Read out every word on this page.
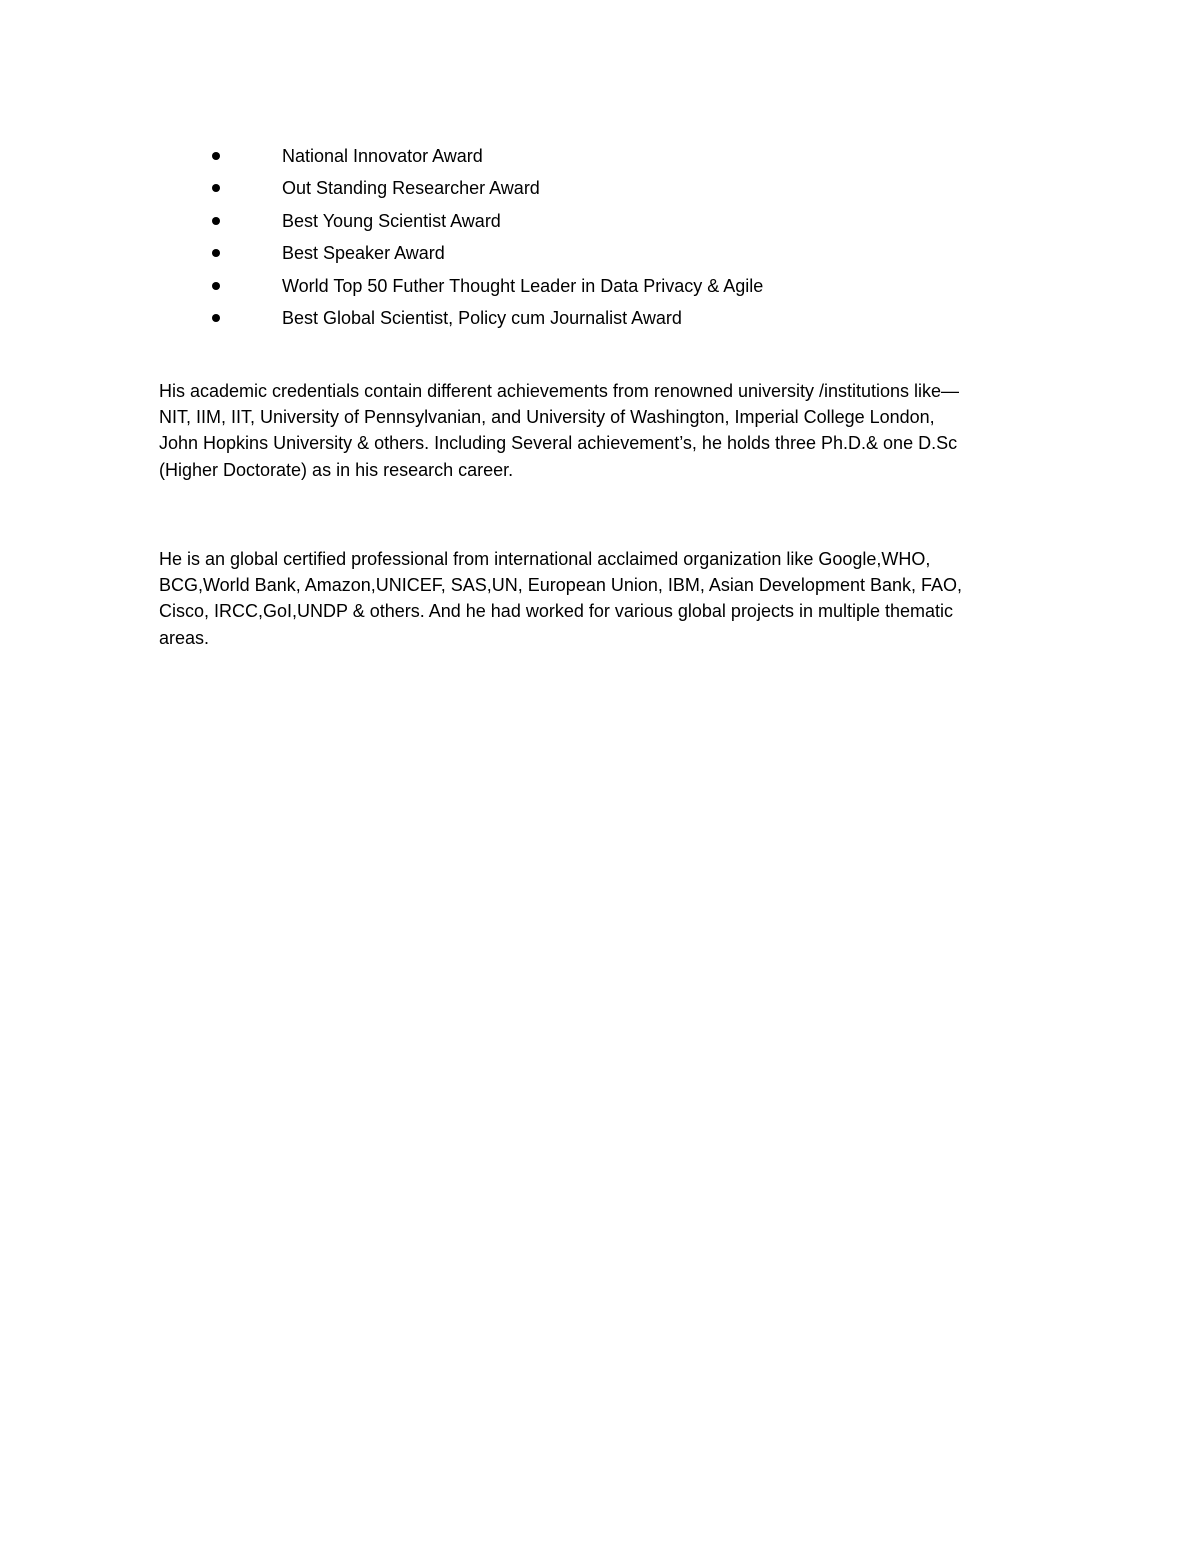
National Innovator Award
Out Standing Researcher Award
Best Young Scientist Award
Best Speaker Award
World Top 50 Futher Thought Leader in Data Privacy & Agile
Best Global Scientist, Policy cum Journalist Award

His academic credentials contain different achievements from renowned university /institutions like—
NIT, IIM, IIT, University of Pennsylvanian, and University of Washington, Imperial College London,
John Hopkins University & others. Including Several achievement’s, he holds three Ph.D.& one D.Sc
(Higher Doctorate) as in his research career.

He is an global certified professional from international acclaimed organization like Google,WHO,
BCG,World Bank, Amazon,UNICEF, SAS,UN, European Union, IBM, Asian Development Bank, FAO,
Cisco, IRCC,GoI,UNDP & others. And he had worked for various global projects in multiple thematic
areas.
